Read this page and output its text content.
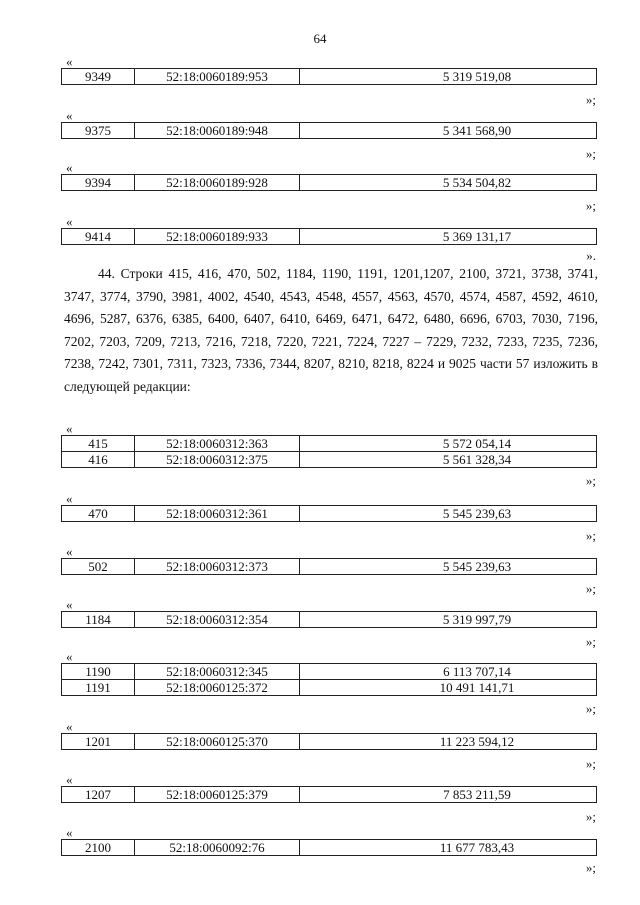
64
«
9349	52:18:0060189:953	5 319 519,08
»;
«
9375	52:18:0060189:948	5 341 568,90
»;
«
9394	52:18:0060189:928	5 534 504,82
»;
«
9414	52:18:0060189:933	5 369 131,17
».
44. Строки 415, 416, 470, 502, 1184, 1190, 1191, 1201,1207, 2100, 3721, 3738, 3741, 3747, 3774, 3790, 3981, 4002, 4540, 4543, 4548, 4557, 4563, 4570, 4574, 4587, 4592, 4610, 4696, 5287, 6376, 6385, 6400, 6407, 6410, 6469, 6471, 6472, 6480, 6696, 6703, 7030, 7196, 7202, 7203, 7209, 7213, 7216, 7218, 7220, 7221, 7224, 7227 – 7229, 7232, 7233, 7235, 7236, 7238, 7242, 7301, 7311, 7323, 7336, 7344, 8207, 8210, 8218, 8224 и 9025 части 57 изложить в следующей редакции:
«
415	52:18:0060312:363	5 572 054,14
416	52:18:0060312:375	5 561 328,34
»;
«
470	52:18:0060312:361	5 545 239,63
»;
«
502	52:18:0060312:373	5 545 239,63
»;
«
1184	52:18:0060312:354	5 319 997,79
»;
«
1190	52:18:0060312:345	6 113 707,14
1191	52:18:0060125:372	10 491 141,71
»;
«
1201	52:18:0060125:370	11 223 594,12
»;
«
1207	52:18:0060125:379	7 853 211,59
»;
«
2100	52:18:0060092:76	11 677 783,43
»;
